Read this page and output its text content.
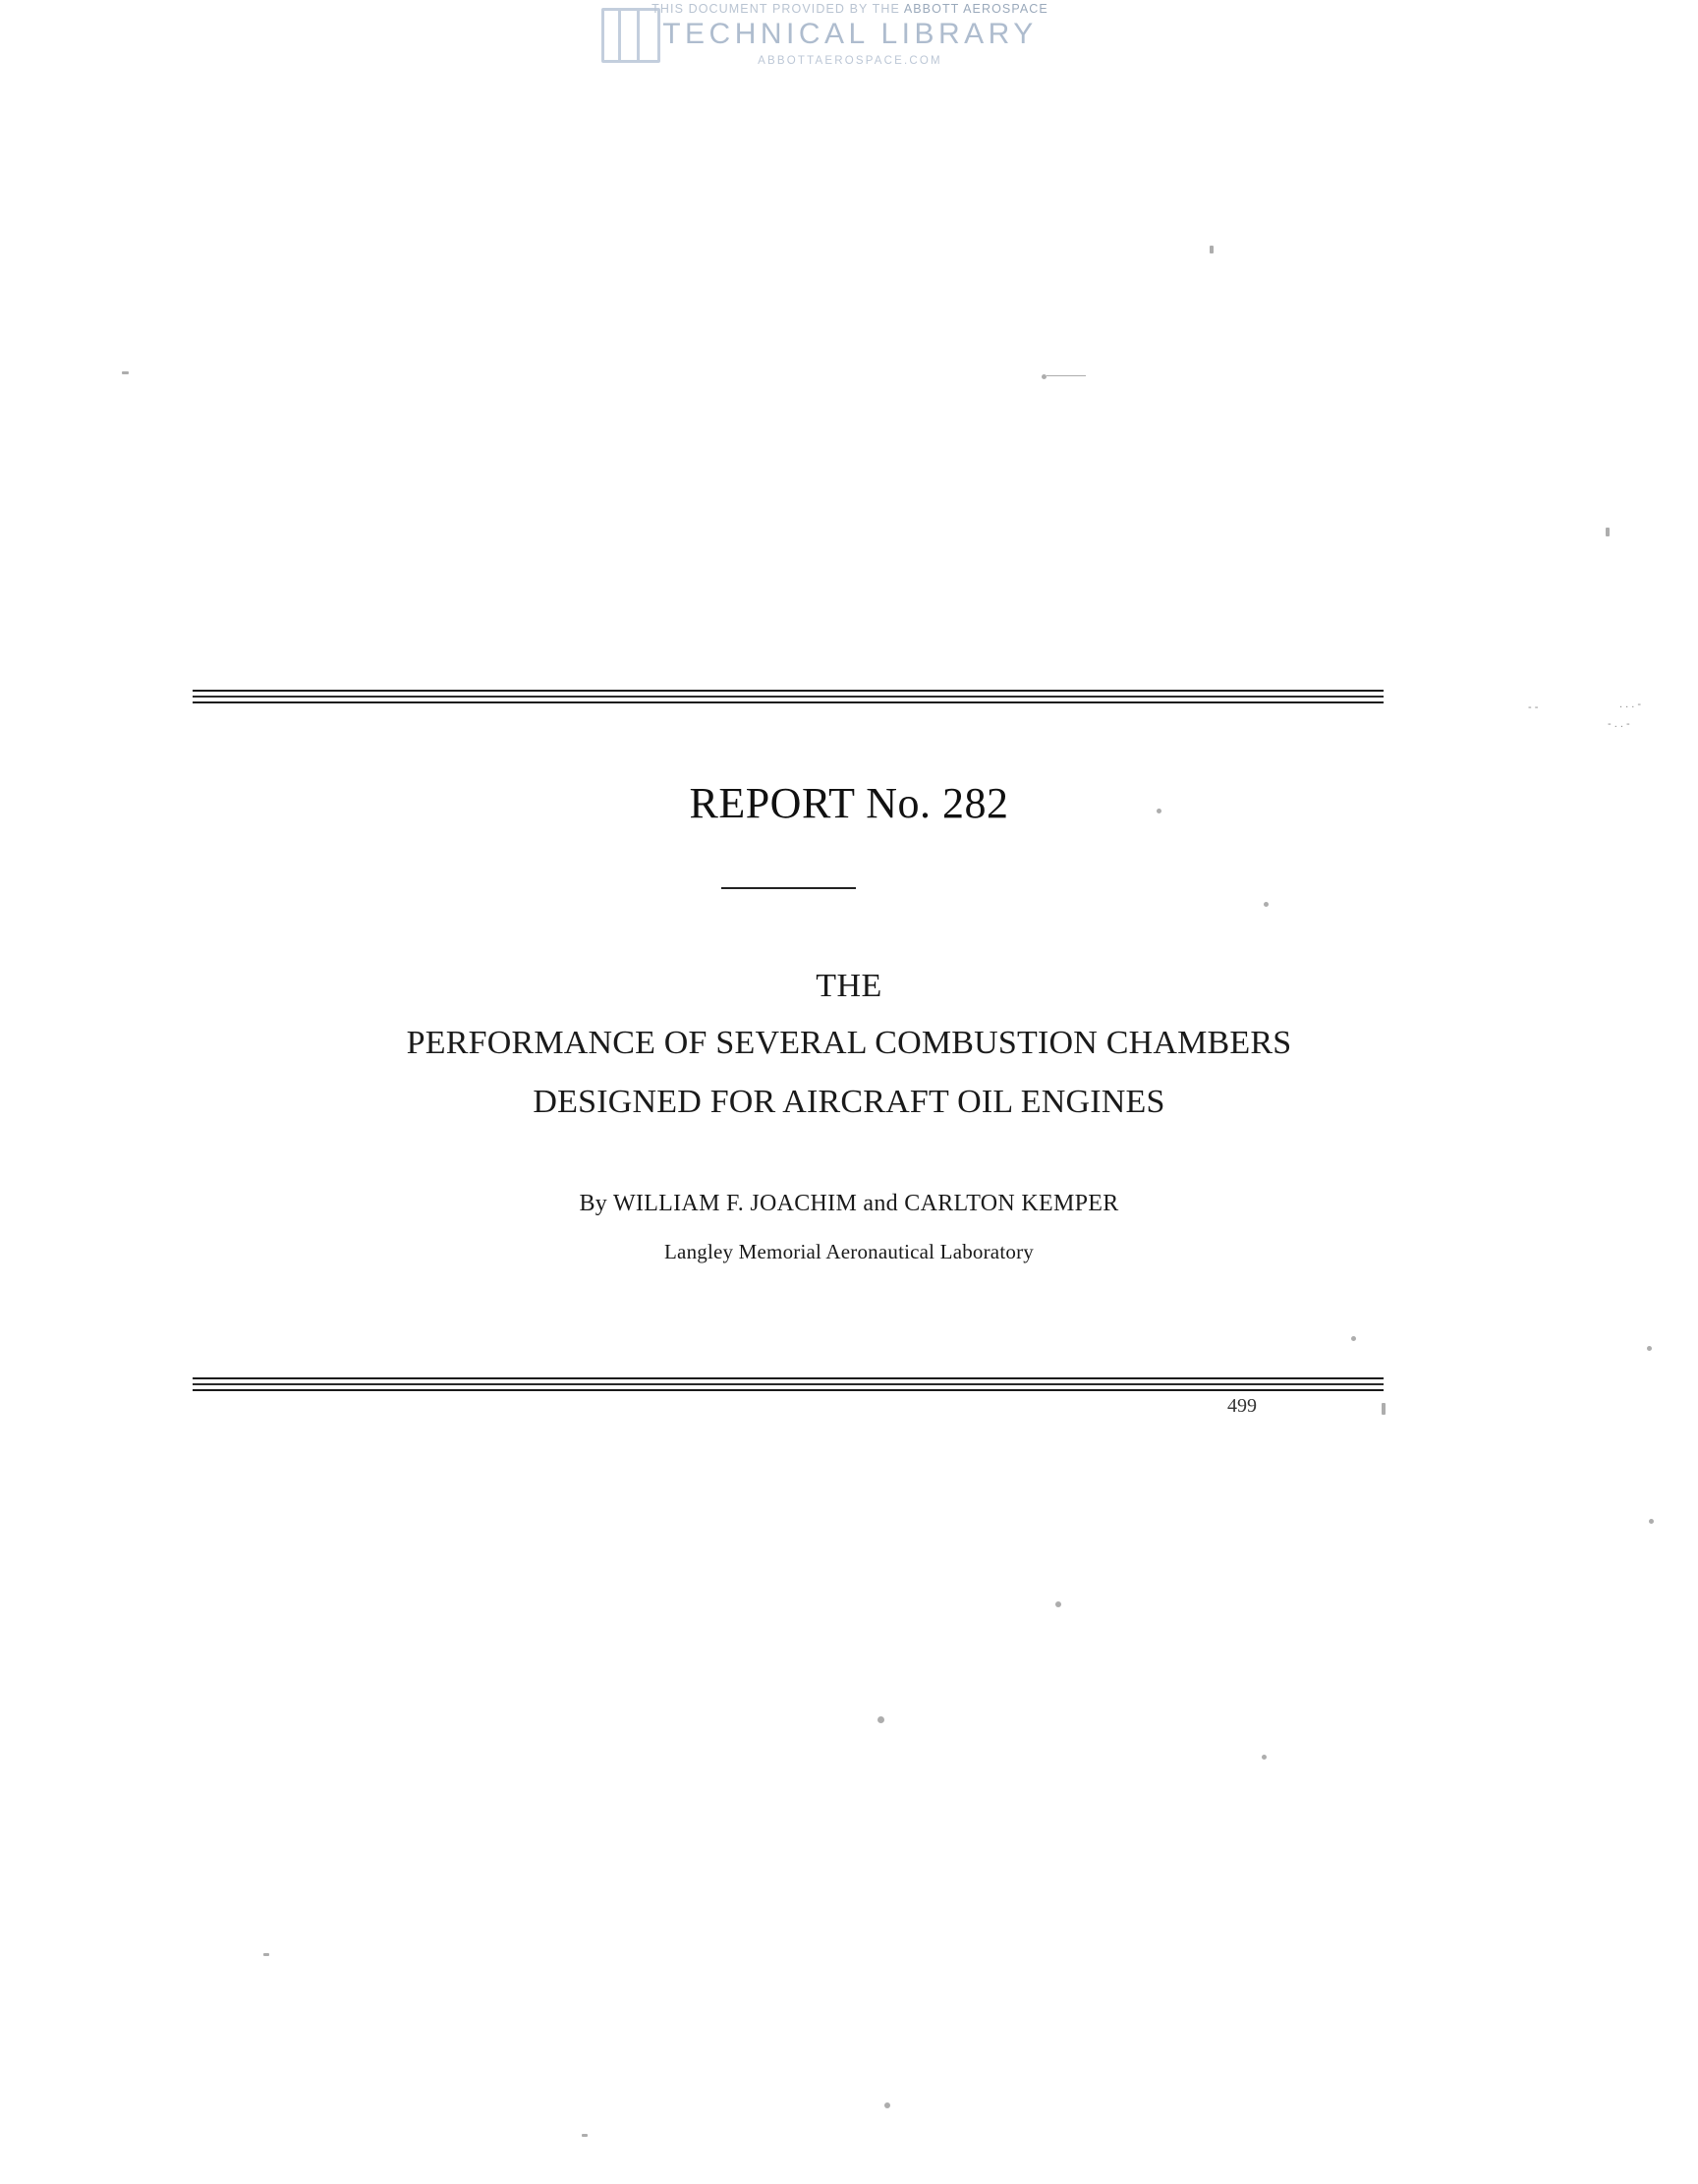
THIS DOCUMENT PROVIDED BY THE ABBOTT AEROSPACE
TECHNICAL LIBRARY
ABBOTTAEROSPACE.COM
- -	. . . -
- . . -
REPORT No. 282
THE
PERFORMANCE OF SEVERAL COMBUSTION CHAMBERS
DESIGNED FOR AIRCRAFT OIL ENGINES
By WILLIAM F. JOACHIM and CARLTON KEMPER
Langley Memorial Aeronautical Laboratory
499
